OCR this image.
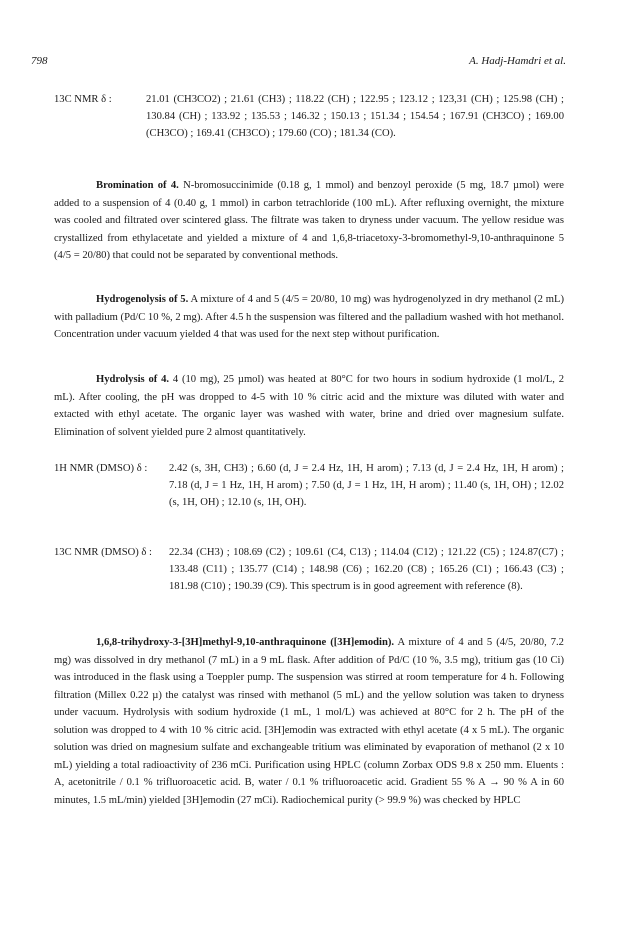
798	A. Hadj-Hamdri et al.
13C NMR δ :	21.01 (CH3CO2) ; 21.61 (CH3) ; 118.22 (CH) ; 122.95 ; 123.12 ; 123,31 (CH) ; 125.98 (CH) ; 130.84 (CH) ; 133.92 ; 135.53 ; 146.32 ; 150.13 ; 151.34 ; 154.54 ; 167.91 (CH3CO) ; 169.00 (CH3CO) ; 169.41 (CH3CO) ; 179.60 (CO) ; 181.34 (CO).
Bromination of 4. N-bromosuccinimide (0.18 g, 1 mmol) and benzoyl peroxide (5 mg, 18.7 µmol) were added to a suspension of 4 (0.40 g, 1 mmol) in carbon tetrachloride (100 mL). After refluxing overnight, the mixture was cooled and filtrated over scintered glass. The filtrate was taken to dryness under vacuum. The yellow residue was crystallized from ethylacetate and yielded a mixture of 4 and 1,6,8-triacetoxy-3-bromomethyl-9,10-anthraquinone 5 (4/5 = 20/80) that could not be separated by conventional methods.
Hydrogenolysis of 5. A mixture of 4 and 5 (4/5 = 20/80, 10 mg) was hydrogenolyzed in dry methanol (2 mL) with palladium (Pd/C 10 %, 2 mg). After 4.5 h the suspension was filtered and the palladium washed with hot methanol. Concentration under vacuum yielded 4 that was used for the next step without purification.
Hydrolysis of 4. 4 (10 mg), 25 µmol) was heated at 80°C for two hours in sodium hydroxide (1 mol/L, 2 mL). After cooling, the pH was dropped to 4-5 with 10 % citric acid and the mixture was diluted with water and extacted with ethyl acetate. The organic layer was washed with water, brine and dried over magnesium sulfate. Elimination of solvent yielded pure 2 almost quantitatively.
1H NMR (DMSO) δ :	2.42 (s, 3H, CH3) ; 6.60 (d, J = 2.4 Hz, 1H, H arom) ; 7.13 (d, J = 2.4 Hz, 1H, H arom) ; 7.18 (d, J = 1 Hz, 1H, H arom) ; 7.50 (d, J = 1 Hz, 1H, H arom) ; 11.40 (s, 1H, OH) ; 12.02 (s, 1H, OH) ; 12.10 (s, 1H, OH).
13C NMR (DMSO) δ :	22.34 (CH3) ; 108.69 (C2) ; 109.61 (C4, C13) ; 114.04 (C12) ; 121.22 (C5) ; 124.87(C7) ; 133.48 (C11) ; 135.77 (C14) ; 148.98 (C6) ; 162.20 (C8) ; 165.26 (C1) ; 166.43 (C3) ; 181.98 (C10) ; 190.39 (C9). This spectrum is in good agreement with reference (8).
1,6,8-trihydroxy-3-[3H]methyl-9,10-anthraquinone ([3H]emodin). A mixture of 4 and 5 (4/5, 20/80, 7.2 mg) was dissolved in dry methanol (7 mL) in a 9 mL flask. After addition of Pd/C (10 %, 3.5 mg), tritium gas (10 Ci) was introduced in the flask using a Toeppler pump. The suspension was stirred at room temperature for 4 h. Following filtration (Millex 0.22 µ) the catalyst was rinsed with methanol (5 mL) and the yellow solution was taken to dryness under vacuum. Hydrolysis with sodium hydroxide (1 mL, 1 mol/L) was achieved at 80°C for 2 h. The pH of the solution was dropped to 4 with 10 % citric acid. [3H]emodin was extracted with ethyl acetate (4 x 5 mL). The organic solution was dried on magnesium sulfate and exchangeable tritium was eliminated by evaporation of methanol (2 x 10 mL) yielding a total radioactivity of 236 mCi. Purification using HPLC (column Zorbax ODS 9.8 x 250 mm. Eluents : A, acetonitrile / 0.1 % trifluoroacetic acid. B, water / 0.1 % trifluoroacetic acid. Gradient 55 % A → 90 % A in 60 minutes, 1.5 mL/min) yielded [3H]emodin (27 mCi). Radiochemical purity (> 99.9 %) was checked by HPLC
